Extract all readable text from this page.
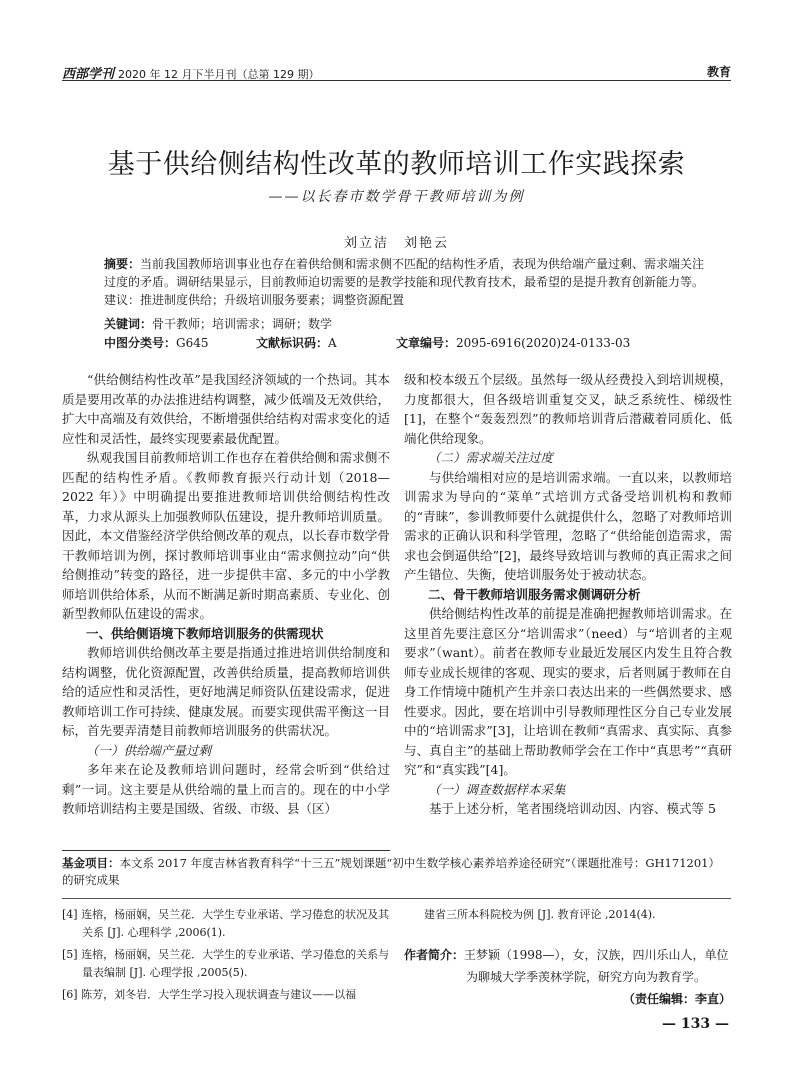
西部学刊 2020 年 12 月下半月刊（总第 129 期）	教育
基于供给侧结构性改革的教师培训工作实践探索
——以长春市数学骨干教师培训为例
刘立洁　刘艳云
摘要：当前我国教师培训事业也存在着供给侧和需求侧不匹配的结构性矛盾，表现为供给端产量过剩、需求端关注过度的矛盾。调研结果显示，目前教师迫切需要的是教学技能和现代教育技术，最希望的是提升教育创新能力等。建议：推进制度供给；升级培训服务要素；调整资源配置
关键词：骨干教师；培训需求；调研；数学
中图分类号：G645	文献标识码：A	文章编号：2095-6916(2020)24-0133-03

“供给侧结构性改革”是我国经济领域的一个热词。其本质是要用改革的办法推进结构调整，减少低端及无效供给，扩大中高端及有效供给，不断增强供给结构对需求变化的适应性和灵活性，最终实现要素最优配置。

纵观我国目前教师培训工作也存在着供给侧和需求侧不匹配的结构性矛盾。《教师教育振兴行动计划（2018—2022 年）》中明确提出要推进教师培训供给侧结构性改革，力求从源头上加强教师队伍建设，提升教师培训质量。因此，本文借鉴经济学供给侧改革的观点，以长春市数学骨干教师培训为例，探讨教师培训事业由“需求侧拉动”向“供给侧推动”转变的路径，进一步提供丰富、多元的中小学教师培训供给体系，从而不断满足新时期高素质、专业化、创新型教师队伍建设的需求。

一、供给侧语境下教师培训服务的供需现状

教师培训供给侧改革主要是指通过推进培训供给制度和结构调整，优化资源配置，改善供给质量，提高教师培训供给的适应性和灵活性，更好地满足师资队伍建设需求，促进教师培训工作可持续、健康发展。而要实现供需平衡这一目标，首先要弄清楚目前教师培训服务的供需状况。

（一）供给端产量过剩

多年来在论及教师培训问题时，经常会听到“供给过剩”一词。这主要是从供给端的量上而言的。现在的中小学教师培训结构主要是国级、省级、市级、县（区）

级和校本级五个层级。虽然每一级从经费投入到培训规模，力度都很大，但各级培训重复交叉，缺乏系统性、梯级性[1]，在整个“轰轰烈烈”的教师培训背后潜藏着同质化、低端化供给现象。

（二）需求端关注过度

与供给端相对应的是培训需求端。一直以来，以教师培训需求为导向的“菜单”式培训方式备受培训机构和教师的“青睐”，参训教师要什么就提供什么，忽略了对教师培训需求的正确认识和科学管理，忽略了“供给能创造需求，需求也会倒逼供给”[2]，最终导致培训与教师的真正需求之间产生错位、失衡，使培训服务处于被动状态。

二、骨干教师培训服务需求侧调研分析

供给侧结构性改革的前提是准确把握教师培训需求。在这里首先要注意区分“培训需求”（need）与“培训者的主观要求”（want）。前者在教师专业最近发展区内发生且符合教师专业成长规律的客观、现实的要求，后者则属于教师在自身工作情境中随机产生并亲口表达出来的一些偶然要求、感性要求。因此，要在培训中引导教师理性区分自己专业发展中的“培训需求”[3]，让培训在教师“真需求、真实际、真参与、真自主”的基础上帮助教师学会在工作中“真思考”“真研究”和“真实践”[4]。

（一）调查数据样本采集

基于上述分析，笔者围绕培训动因、内容、模式等 5

基金项目：本文系 2017 年度吉林省教育科学“十三五”规划课题“初中生数学核心素养培养途径研究”（课题批准号：GH171201）的研究成果
[4] 连榕，杨丽娴，吴兰花．大学生专业承诺、学习倦怠的状况及其关系 [J]. 心理科学 ,2006(1).
[5] 连榕，杨丽娴，吴兰花．大学生的专业承诺、学习倦怠的关系与量表编制 [J]. 心理学报 ,2005(5).
[6] 陈芳，刘冬岩．大学生学习投入现状调查与建议——以福
建省三所本科院校为例 [J]. 教育评论 ,2014(4).
作者简介：王梦颖（1998—），女，汉族，四川乐山人，单位
为聊城大学季羡林学院，研究方向为教育学。
（责任编辑：李直）
— 133 —
